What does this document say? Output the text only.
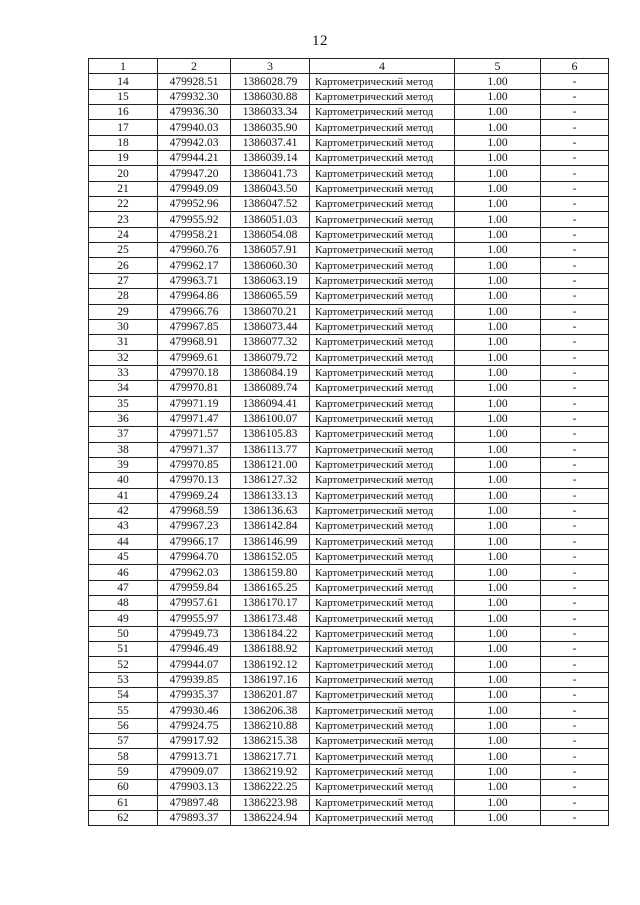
12
1	2	3	4	5	6
14	479928.51	1386028.79	Картометрический метод	1.00	-
15	479932.30	1386030.88	Картометрический метод	1.00	-
16	479936.30	1386033.34	Картометрический метод	1.00	-
17	479940.03	1386035.90	Картометрический метод	1.00	-
18	479942.03	1386037.41	Картометрический метод	1.00	-
19	479944.21	1386039.14	Картометрический метод	1.00	-
20	479947.20	1386041.73	Картометрический метод	1.00	-
21	479949.09	1386043.50	Картометрический метод	1.00	-
22	479952.96	1386047.52	Картометрический метод	1.00	-
23	479955.92	1386051.03	Картометрический метод	1.00	-
24	479958.21	1386054.08	Картометрический метод	1.00	-
25	479960.76	1386057.91	Картометрический метод	1.00	-
26	479962.17	1386060.30	Картометрический метод	1.00	-
27	479963.71	1386063.19	Картометрический метод	1.00	-
28	479964.86	1386065.59	Картометрический метод	1.00	-
29	479966.76	1386070.21	Картометрический метод	1.00	-
30	479967.85	1386073.44	Картометрический метод	1.00	-
31	479968.91	1386077.32	Картометрический метод	1.00	-
32	479969.61	1386079.72	Картометрический метод	1.00	-
33	479970.18	1386084.19	Картометрический метод	1.00	-
34	479970.81	1386089.74	Картометрический метод	1.00	-
35	479971.19	1386094.41	Картометрический метод	1.00	-
36	479971.47	1386100.07	Картометрический метод	1.00	-
37	479971.57	1386105.83	Картометрический метод	1.00	-
38	479971.37	1386113.77	Картометрический метод	1.00	-
39	479970.85	1386121.00	Картометрический метод	1.00	-
40	479970.13	1386127.32	Картометрический метод	1.00	-
41	479969.24	1386133.13	Картометрический метод	1.00	-
42	479968.59	1386136.63	Картометрический метод	1.00	-
43	479967.23	1386142.84	Картометрический метод	1.00	-
44	479966.17	1386146.99	Картометрический метод	1.00	-
45	479964.70	1386152.05	Картометрический метод	1.00	-
46	479962.03	1386159.80	Картометрический метод	1.00	-
47	479959.84	1386165.25	Картометрический метод	1.00	-
48	479957.61	1386170.17	Картометрический метод	1.00	-
49	479955.97	1386173.48	Картометрический метод	1.00	-
50	479949.73	1386184.22	Картометрический метод	1.00	-
51	479946.49	1386188.92	Картометрический метод	1.00	-
52	479944.07	1386192.12	Картометрический метод	1.00	-
53	479939.85	1386197.16	Картометрический метод	1.00	-
54	479935.37	1386201.87	Картометрический метод	1.00	-
55	479930.46	1386206.38	Картометрический метод	1.00	-
56	479924.75	1386210.88	Картометрический метод	1.00	-
57	479917.92	1386215.38	Картометрический метод	1.00	-
58	479913.71	1386217.71	Картометрический метод	1.00	-
59	479909.07	1386219.92	Картометрический метод	1.00	-
60	479903.13	1386222.25	Картометрический метод	1.00	-
61	479897.48	1386223.98	Картометрический метод	1.00	-
62	479893.37	1386224.94	Картометрический метод	1.00	-
